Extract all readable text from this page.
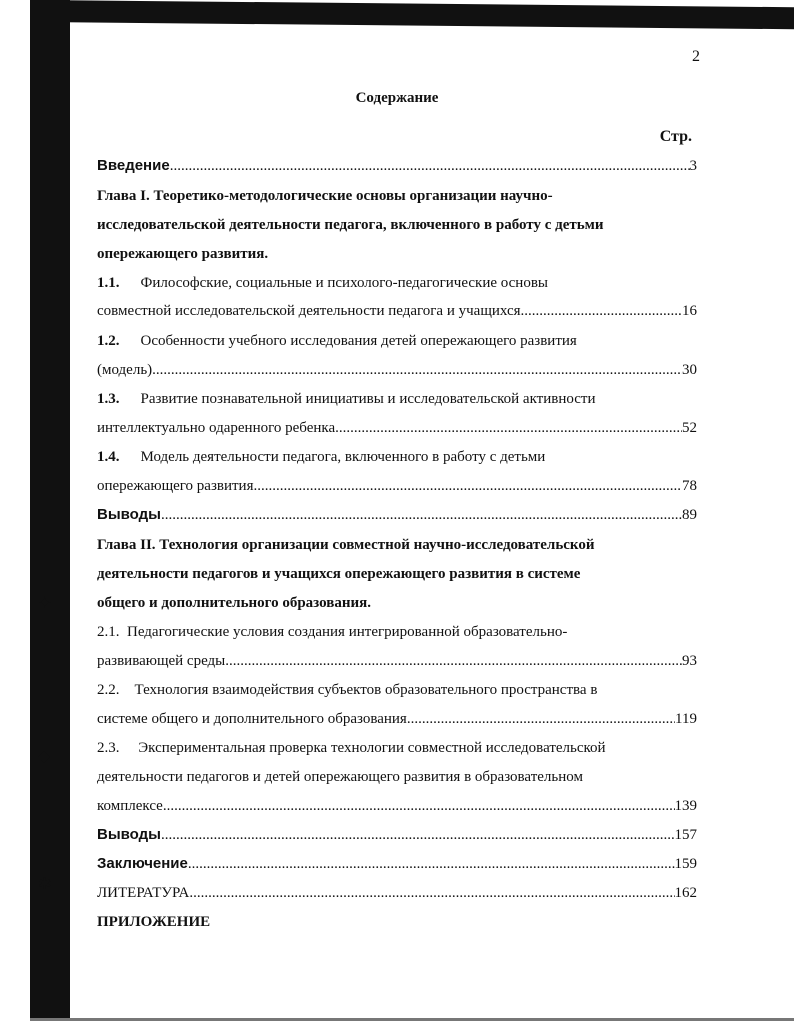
✦
◆
✱
2
Содержание
Стр.
Введение .....	3
Глава I. Теоретико-методологические основы организации научно-
исследовательской деятельности педагога, включенного в работу с детьми
опережающего развития.
1.1. Философские, социальные и психолого-педагогические основы
совместной исследовательской деятельности педагога и учащихся .....	16
1.2. Особенности учебного исследования детей опережающего развития
(модель) .....	30
1.3. Развитие познавательной инициативы и исследовательской активности
интеллектуально одаренного ребенка .....	52
1.4. Модель деятельности педагога, включенного в работу с детьми
опережающего развития .....	78
Выводы .....	89
Глава II. Технология организации совместной научно-исследовательской
деятельности педагогов и учащихся опережающего развития в системе
общего и дополнительного образования.
2.1. Педагогические условия создания интегрированной образовательно-
развивающей среды .....	93
2.2. Технология взаимодействия субъектов образовательного пространства в
системе общего и дополнительного образования .....	119
2.3. Экспериментальная проверка технологии совместной исследовательской
деятельности педагогов и детей опережающего развития в образовательном
комплексе .....	139
Выводы .....	157
Заключение .....	159
ЛИТЕРАТУРА .....	162
ПРИЛОЖЕНИЕ
